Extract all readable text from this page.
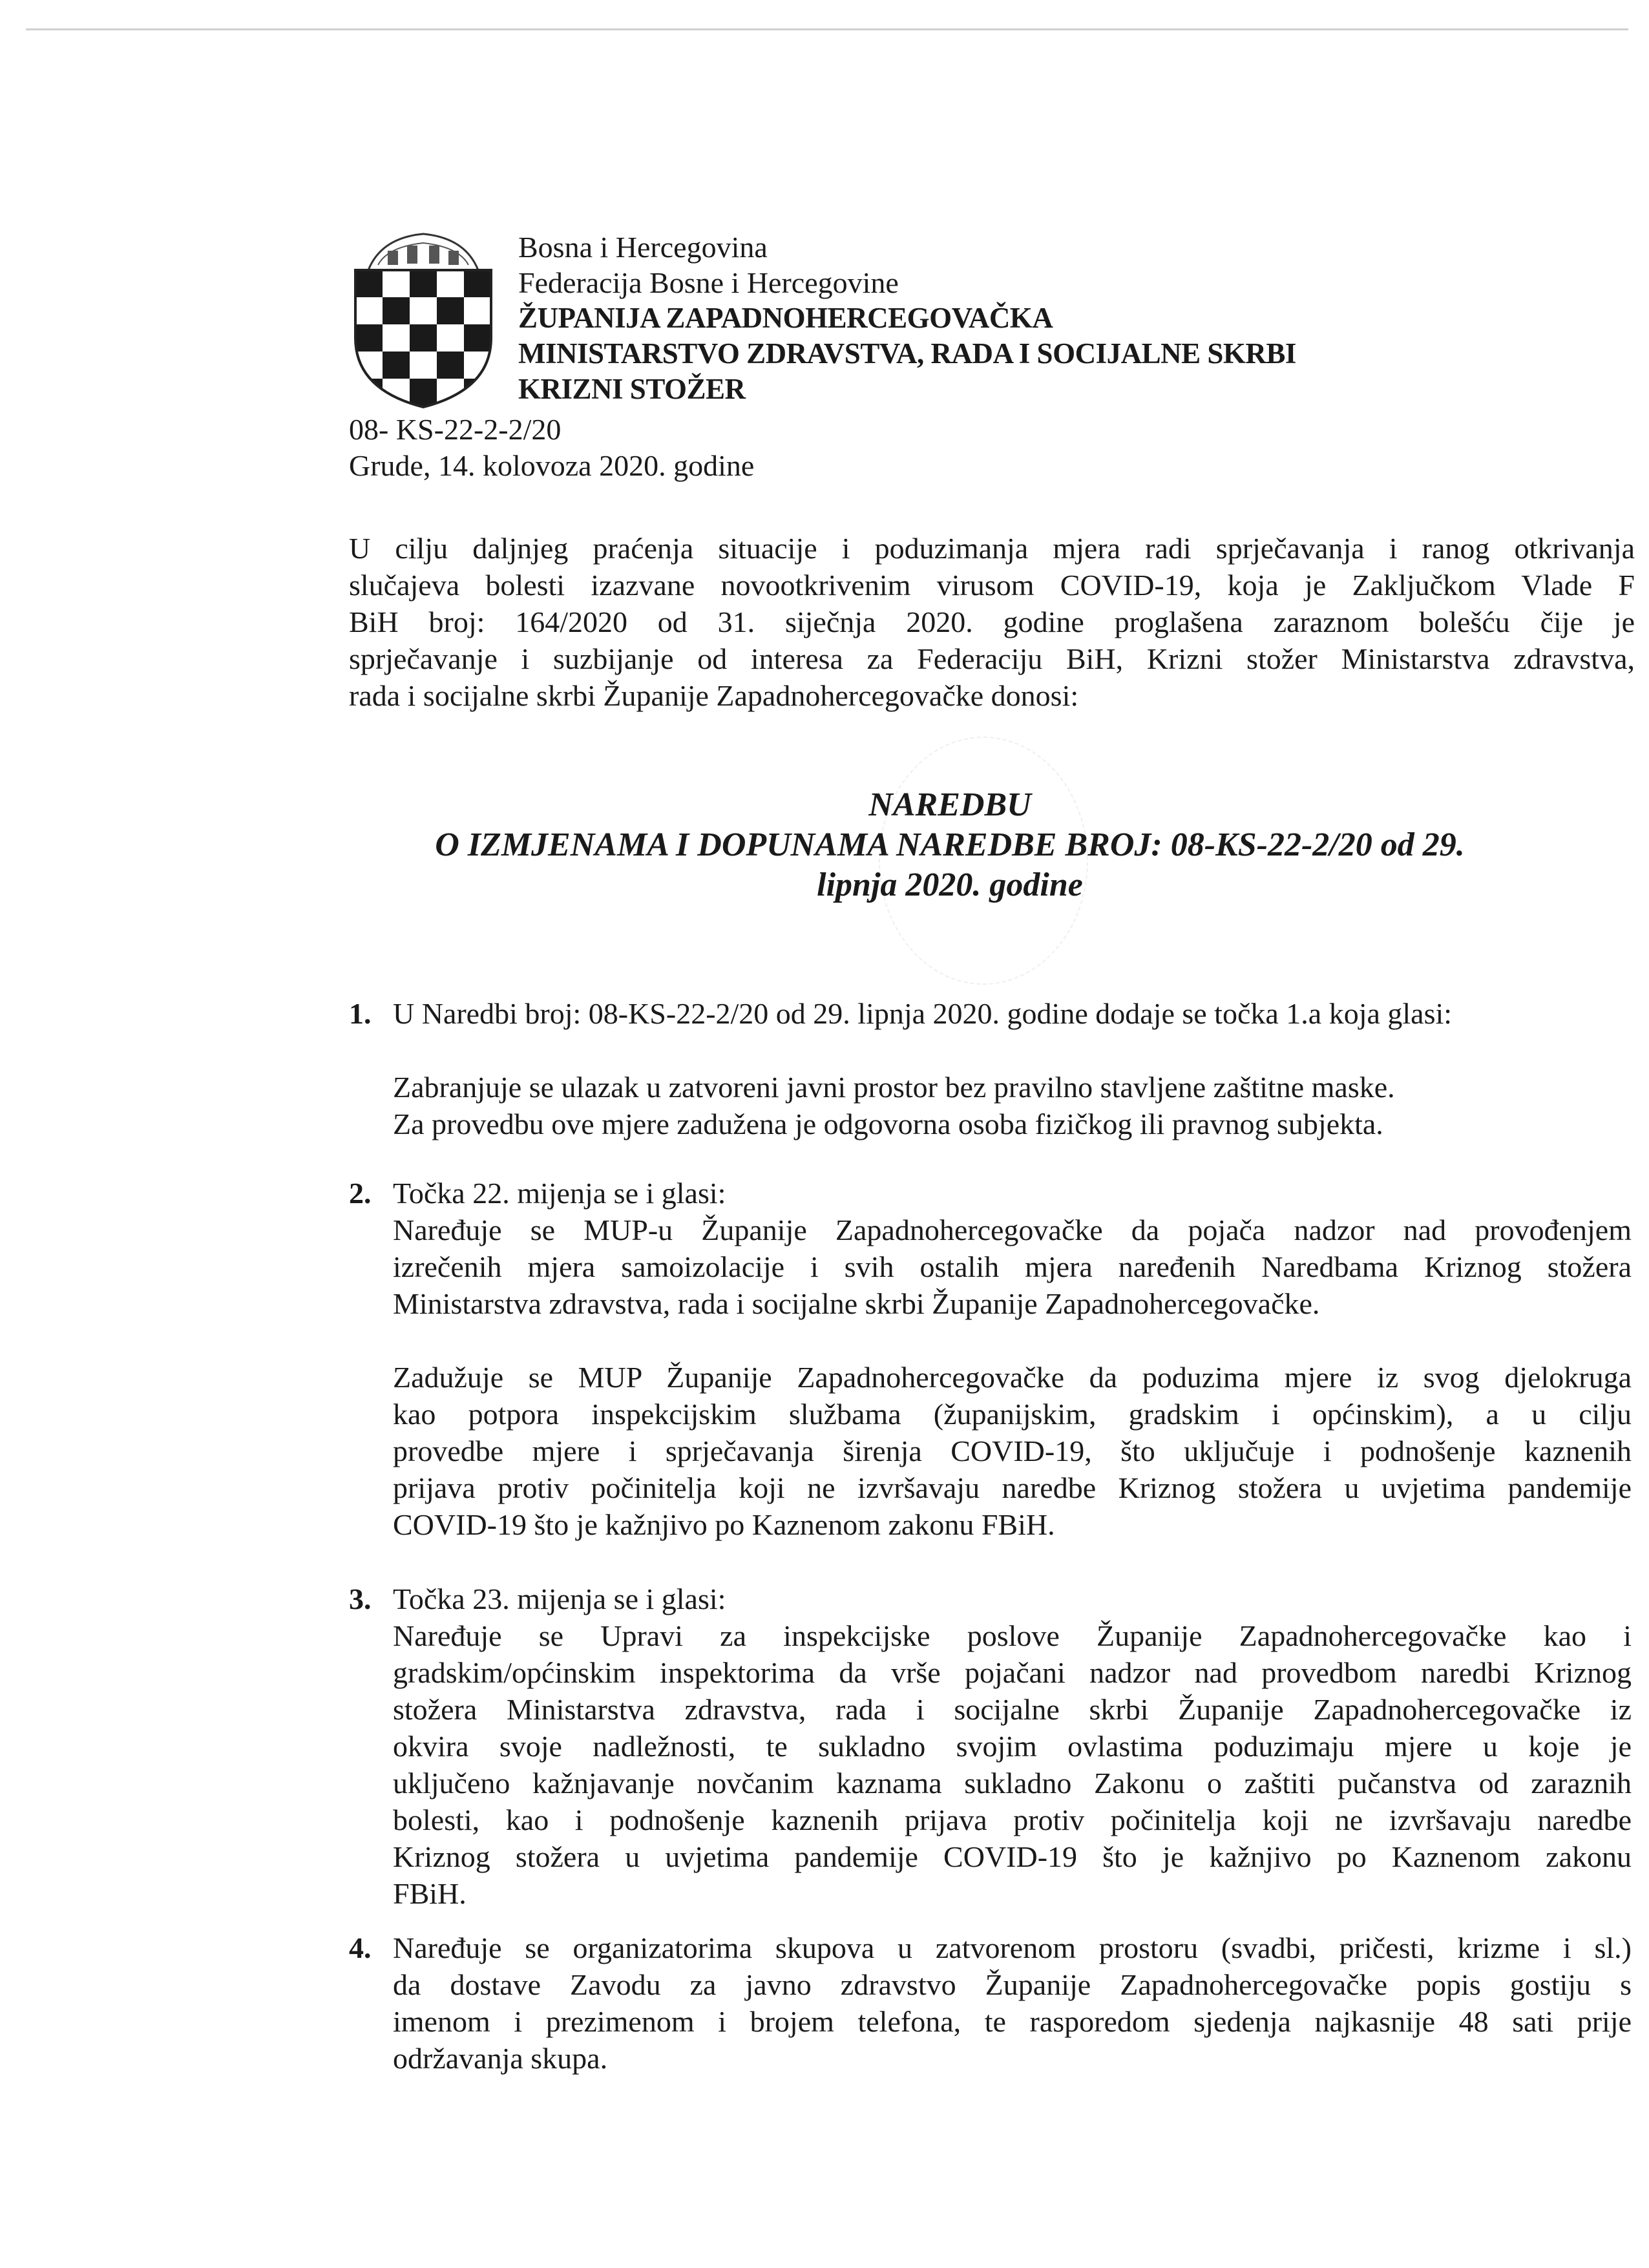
Bosna i Hercegovina
Federacija Bosne i Hercegovine
ŽUPANIJA ZAPADNOHERCEGOVAČKA
MINISTARSTVO ZDRAVSTVA, RADA I SOCIJALNE SKRBI
KRIZNI STOŽER
08- KS-22-2-2/20
Grude, 14. kolovoza 2020. godine
U cilju daljnjeg praćenja situacije i poduzimanja mjera radi sprječavanja i ranog otkrivanja
slučajeva bolesti izazvane novootkrivenim virusom COVID-19, koja je Zaključkom Vlade F
BiH broj: 164/2020 od 31. siječnja 2020. godine proglašena zaraznom bolešću čije je
sprječavanje i suzbijanje od interesa za Federaciju BiH, Krizni stožer Ministarstva zdravstva,
rada i socijalne skrbi Županije Zapadnohercegovačke donosi:
NAREDBU
O IZMJENAMA I DOPUNAMA NAREDBE BROJ: 08-KS-22-2/20 od 29.
lipnja 2020. godine
1. U Naredbi broj: 08-KS-22-2/20 od 29. lipnja 2020. godine dodaje se točka 1.a koja glasi:
Zabranjuje se ulazak u zatvoreni javni prostor bez pravilno stavljene zaštitne maske.
Za provedbu ove mjere zadužena je odgovorna osoba fizičkog ili pravnog subjekta.
2. Točka 22. mijenja se i glasi:
Naređuje se MUP-u Županije Zapadnohercegovačke da pojača nadzor nad provođenjem
izrečenih mjera samoizolacije i svih ostalih mjera naređenih Naredbama Kriznog stožera
Ministarstva zdravstva, rada i socijalne skrbi Županije Zapadnohercegovačke.
Zadužuje se MUP Županije Zapadnohercegovačke da poduzima mjere iz svog djelokruga
kao potpora inspekcijskim službama (županijskim, gradskim i općinskim), a u cilju
provedbe mjere i sprječavanja širenja COVID-19, što uključuje i podnošenje kaznenih
prijava protiv počinitelja koji ne izvršavaju naredbe Kriznog stožera u uvjetima pandemije
COVID-19 što je kažnjivo po Kaznenom zakonu FBiH.
3. Točka 23. mijenja se i glasi:
Naređuje se Upravi za inspekcijske poslove Županije Zapadnohercegovačke kao i
gradskim/općinskim inspektorima da vrše pojačani nadzor nad provedbom naredbi Kriznog
stožera Ministarstva zdravstva, rada i socijalne skrbi Županije Zapadnohercegovačke iz
okvira svoje nadležnosti, te sukladno svojim ovlastima poduzimaju mjere u koje je
uključeno kažnjavanje novčanim kaznama sukladno Zakonu o zaštiti pučanstva od zaraznih
bolesti, kao i podnošenje kaznenih prijava protiv počinitelja koji ne izvršavaju naredbe
Kriznog stožera u uvjetima pandemije COVID-19 što je kažnjivo po Kaznenom zakonu
FBiH.
4. Naređuje se organizatorima skupova u zatvorenom prostoru (svadbi, pričesti, krizme i sl.)
da dostave Zavodu za javno zdravstvo Županije Zapadnohercegovačke popis gostiju s
imenom i prezimenom i brojem telefona, te rasporedom sjedenja najkasnije 48 sati prije
održavanja skupa.
